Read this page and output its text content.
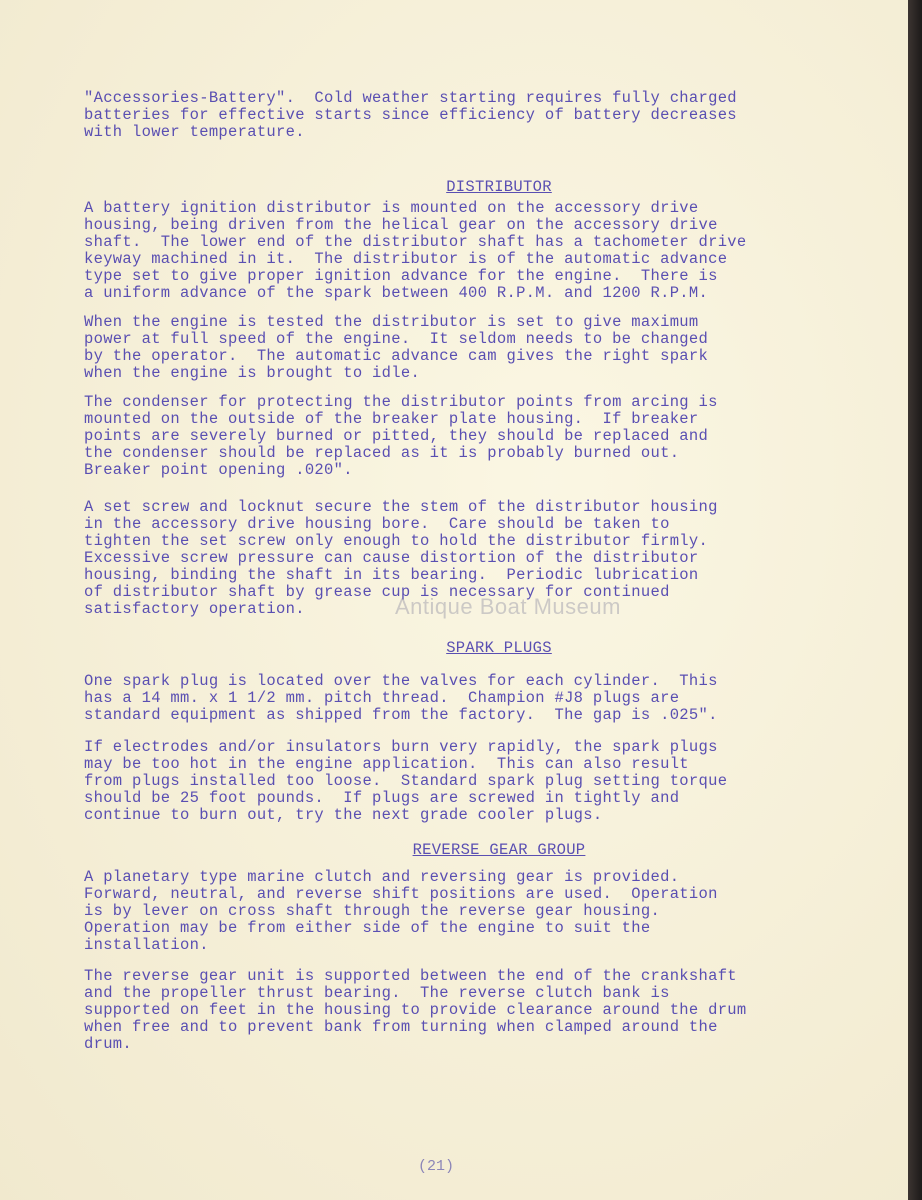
"Accessories-Battery".  Cold weather starting requires fully charged
batteries for effective starts since efficiency of battery decreases
with lower temperature.
DISTRIBUTOR
A battery ignition distributor is mounted on the accessory drive
housing, being driven from the helical gear on the accessory drive
shaft.  The lower end of the distributor shaft has a tachometer drive
keyway machined in it.  The distributor is of the automatic advance
type set to give proper ignition advance for the engine.  There is
a uniform advance of the spark between 400 R.P.M. and 1200 R.P.M.
When the engine is tested the distributor is set to give maximum
power at full speed of the engine.  It seldom needs to be changed
by the operator.  The automatic advance cam gives the right spark
when the engine is brought to idle.
The condenser for protecting the distributor points from arcing is
mounted on the outside of the breaker plate housing.  If breaker
points are severely burned or pitted, they should be replaced and
the condenser should be replaced as it is probably burned out.
Breaker point opening .020".
A set screw and locknut secure the stem of the distributor housing
in the accessory drive housing bore.  Care should be taken to
tighten the set screw only enough to hold the distributor firmly.
Excessive screw pressure can cause distortion of the distributor
housing, binding the shaft in its bearing.  Periodic lubrication
of distributor shaft by grease cup is necessary for continued
satisfactory operation.
SPARK PLUGS
One spark plug is located over the valves for each cylinder.  This
has a 14 mm. x 1 1/2 mm. pitch thread.  Champion #J8 plugs are
standard equipment as shipped from the factory.  The gap is .025".
If electrodes and/or insulators burn very rapidly, the spark plugs
may be too hot in the engine application.  This can also result
from plugs installed too loose.  Standard spark plug setting torque
should be 25 foot pounds.  If plugs are screwed in tightly and
continue to burn out, try the next grade cooler plugs.
REVERSE GEAR GROUP
A planetary type marine clutch and reversing gear is provided.
Forward, neutral, and reverse shift positions are used.  Operation
is by lever on cross shaft through the reverse gear housing.
Operation may be from either side of the engine to suit the
installation.
The reverse gear unit is supported between the end of the crankshaft
and the propeller thrust bearing.  The reverse clutch bank is
supported on feet in the housing to provide clearance around the drum
when free and to prevent bank from turning when clamped around the
drum.
Antique Boat Museum
(21)
